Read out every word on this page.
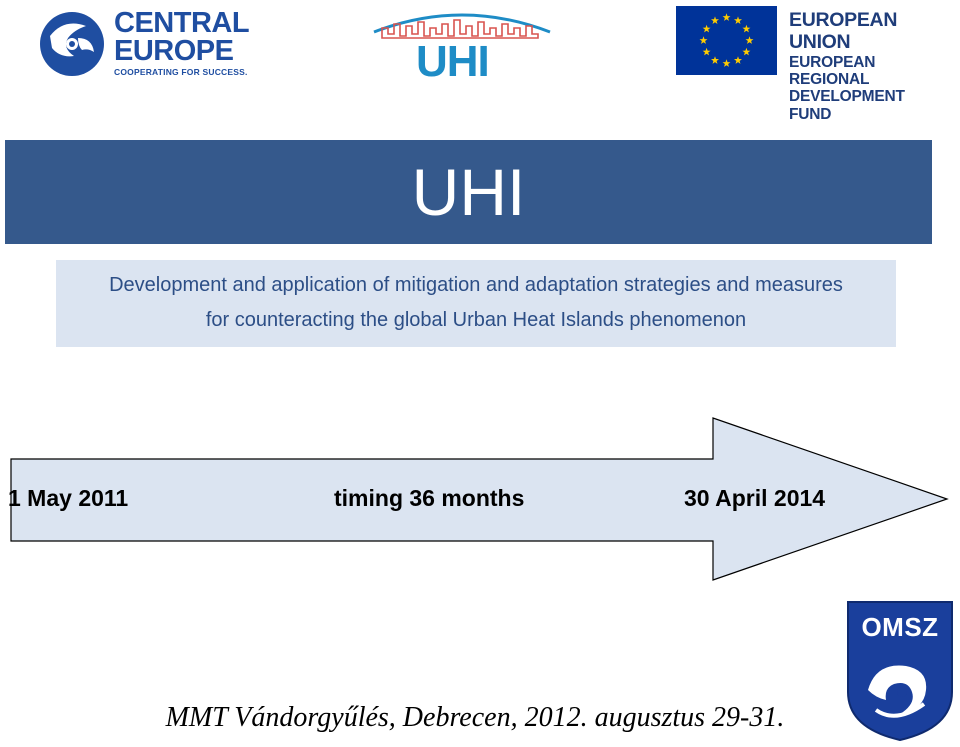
CENTRAL
EUROPE
COOPERATING FOR SUCCESS.	UHI
EUROPEAN UNION
EUROPEAN REGIONAL
DEVELOPMENT FUND
UHI
Development and application of mitigation and adaptation strategies and measures
for counteracting the global Urban Heat Islands phenomenon
1 May 2011	timing 36 months	30 April 2014
MMT Vándorgyűlés, Debrecen, 2012. augusztus 29-31.
OMSZ
